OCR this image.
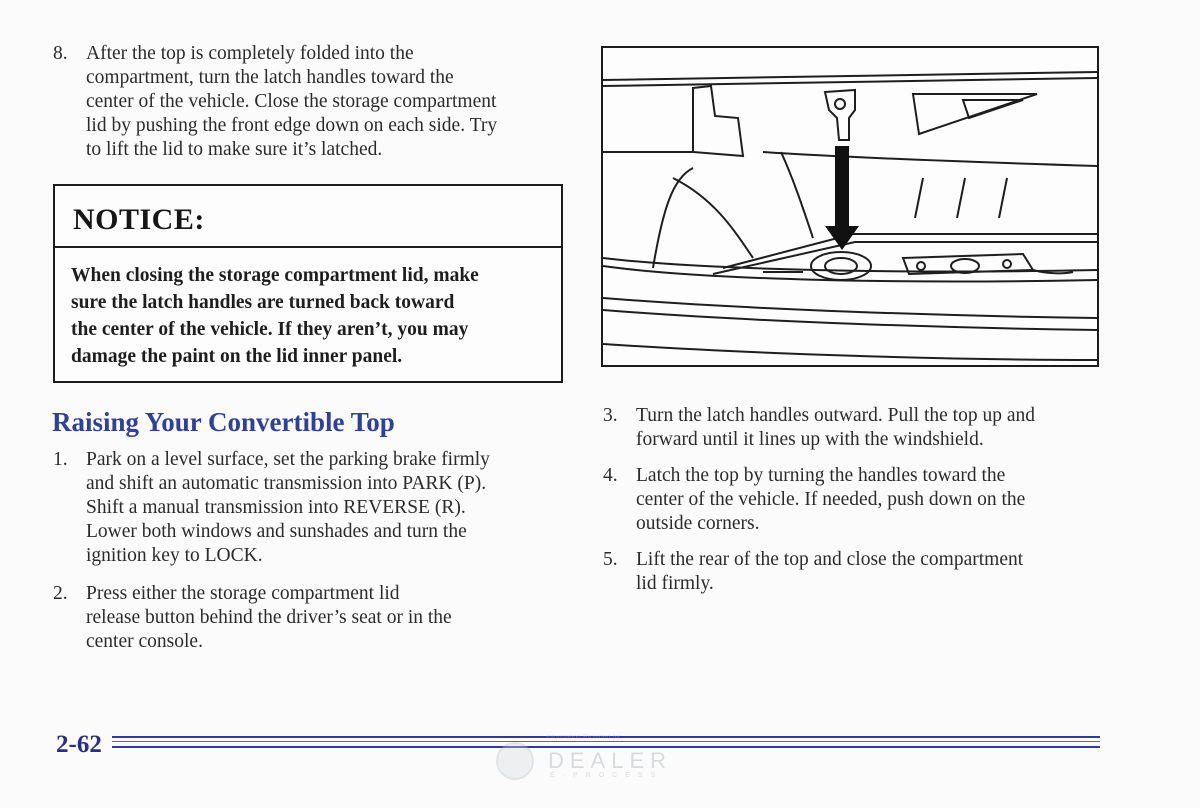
8. After the top is completely folded into the
compartment, turn the latch handles toward the
center of the vehicle. Close the storage compartment
lid by pushing the front edge down on each side. Try
to lift the lid to make sure it’s latched.
NOTICE:
When closing the storage compartment lid, make
sure the latch handles are turned back toward
the center of the vehicle. If they aren’t, you may
damage the paint on the lid inner panel.
Raising Your Convertible Top
1. Park on a level surface, set the parking brake firmly
and shift an automatic transmission into PARK (P).
Shift a manual transmission into REVERSE (R).
Lower both windows and sunshades and turn the
ignition key to LOCK.
2. Press either the storage compartment lid
release button behind the driver’s seat or in the
center console.
3. Turn the latch handles outward. Pull the top up and
forward until it lines up with the windshield.
4. Latch the top by turning the handles toward the
center of the vehicle. If needed, push down on the
outside corners.
5. Lift the rear of the top and close the compartment
lid firmly.
2-62	Information Provided by:
DEALER
E-PROCESS
